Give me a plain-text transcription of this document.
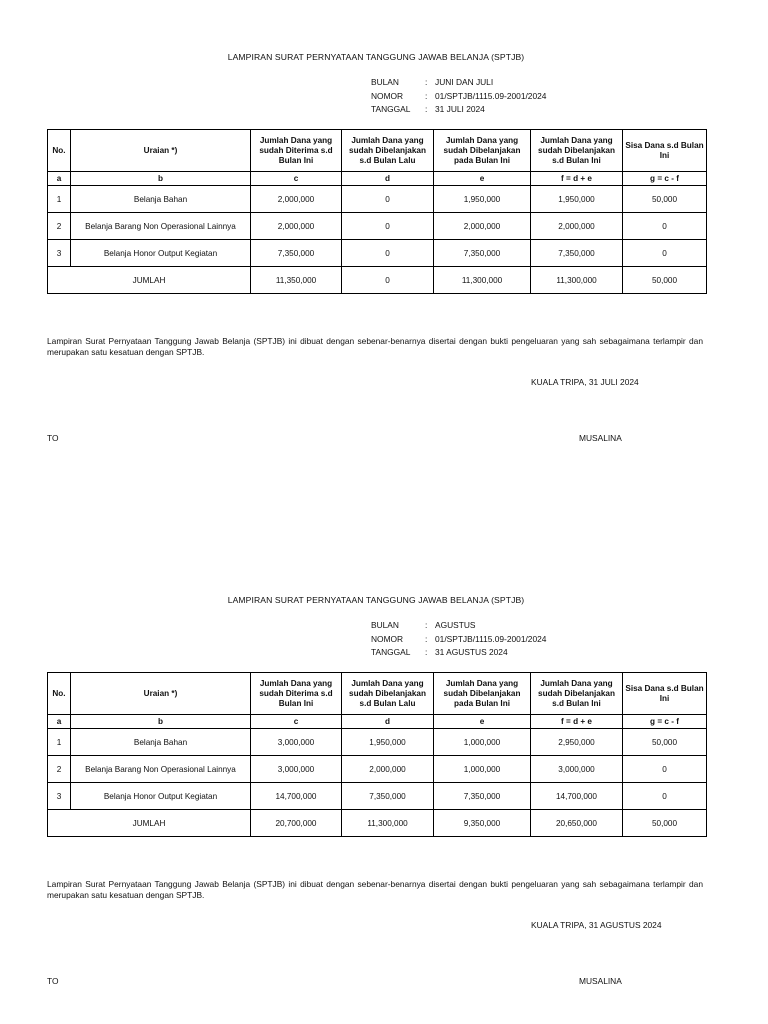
LAMPIRAN SURAT PERNYATAAN TANGGUNG JAWAB BELANJA (SPTJB)
BULAN	: JUNI DAN JULI
NOMOR	: 01/SPTJB/1115.09-2001/2024
TANGGAL	: 31 JULI 2024
No.	Uraian *)	Jumlah Dana yang sudah Diterima s.d Bulan Ini	Jumlah Dana yang sudah Dibelanjakan s.d Bulan Lalu	Jumlah Dana yang sudah Dibelanjakan pada Bulan Ini	Jumlah Dana yang sudah Dibelanjakan s.d Bulan Ini	Sisa Dana s.d Bulan Ini
a	b	c	d	e	f = d + e	g = c - f
1	Belanja Bahan	2,000,000	0	1,950,000	1,950,000	50,000
2	Belanja Barang Non Operasional Lainnya	2,000,000	0	2,000,000	2,000,000	0
3	Belanja Honor Output Kegiatan	7,350,000	0	7,350,000	7,350,000	0
JUMLAH		11,350,000	0	11,300,000	11,300,000	50,000
Lampiran Surat Pernyataan Tanggung Jawab Belanja (SPTJB) ini dibuat dengan sebenar-benarnya disertai dengan bukti pengeluaran yang sah sebagaimana terlampir dan merupakan satu kesatuan dengan SPTJB.
KUALA TRIPA, 31 JULI 2024
TO	MUSALINA
LAMPIRAN SURAT PERNYATAAN TANGGUNG JAWAB BELANJA (SPTJB)
BULAN	: AGUSTUS
NOMOR	: 01/SPTJB/1115.09-2001/2024
TANGGAL	: 31 AGUSTUS 2024
No.	Uraian *)	Jumlah Dana yang sudah Diterima s.d Bulan Ini	Jumlah Dana yang sudah Dibelanjakan s.d Bulan Lalu	Jumlah Dana yang sudah Dibelanjakan pada Bulan Ini	Jumlah Dana yang sudah Dibelanjakan s.d Bulan Ini	Sisa Dana s.d Bulan Ini
a	b	c	d	e	f = d + e	g = c - f
1	Belanja Bahan	3,000,000	1,950,000	1,000,000	2,950,000	50,000
2	Belanja Barang Non Operasional Lainnya	3,000,000	2,000,000	1,000,000	3,000,000	0
3	Belanja Honor Output Kegiatan	14,700,000	7,350,000	7,350,000	14,700,000	0
JUMLAH		20,700,000	11,300,000	9,350,000	20,650,000	50,000
Lampiran Surat Pernyataan Tanggung Jawab Belanja (SPTJB) ini dibuat dengan sebenar-benarnya disertai dengan bukti pengeluaran yang sah sebagaimana terlampir dan merupakan satu kesatuan dengan SPTJB.
KUALA TRIPA, 31 AGUSTUS 2024
TO	MUSALINA
